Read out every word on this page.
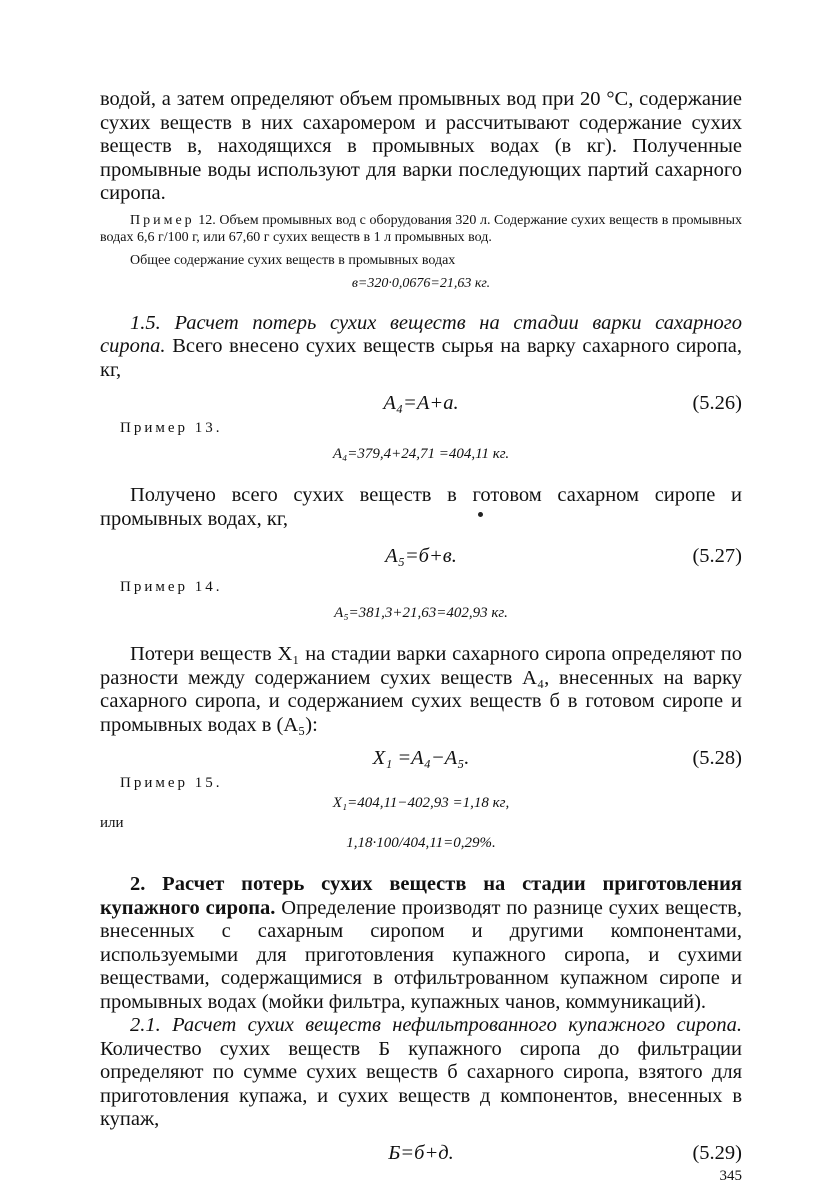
водой, а затем определяют объем промывных вод при 20 °С, содержание сухих веществ в них сахаромером и рассчитывают содержание сухих веществ в, находящихся в промывных водах (в кг). Полученные промывные воды используют для варки последующих партий сахарного сиропа.

Пример 12. Объем промывных вод с оборудования 320 л. Содержание сухих веществ в промывных водах 6,6 г/100 г, или 67,60 г сухих веществ в 1 л промывных вод.

Общее содержание сухих веществ в промывных водах

в=320·0,0676=21,63 кг.

1.5. Расчет потерь сухих веществ на стадии варки сахарного сиропа. Всего внесено сухих веществ сырья на варку сахарного сиропа, кг,

A₄=A+a.	(5.26)

Пример 13.

A₄=379,4+24,71 =404,11 кг.

Получено всего сухих веществ в готовом сахарном сиропе и промывных водах, кг,

A₅=б+в.	(5.27)

Пример 14.

A₅=381,3+21,63=402,93 кг.

Потери веществ X₁ на стадии варки сахарного сиропа определяют по разности между содержанием сухих веществ A₄, внесенных на варку сахарного сиропа, и содержанием сухих веществ б в готовом сиропе и промывных водах в (A₅):

X₁ =A₄−A₅.	(5.28)

Пример 15.

X₁=404,11−402,93 =1,18 кг,

или

1,18·100/404,11=0,29%.

2. Расчет потерь сухих веществ на стадии приготовления купажного сиропа. Определение производят по разнице сухих веществ, внесенных с сахарным сиропом и другими компонентами, используемыми для приготовления купажного сиропа, и сухими веществами, содержащимися в отфильтрованном купажном сиропе и промывных водах (мойки фильтра, купажных чанов, коммуникаций).

2.1. Расчет сухих веществ нефильтрованного купажного сиропа. Количество сухих веществ Б купажного сиропа до фильтрации определяют по сумме сухих веществ б сахарного сиропа, взятого для приготовления купажа, и сухих веществ д компонентов, внесенных в купаж,

Б=б+д.	(5.29)
345
